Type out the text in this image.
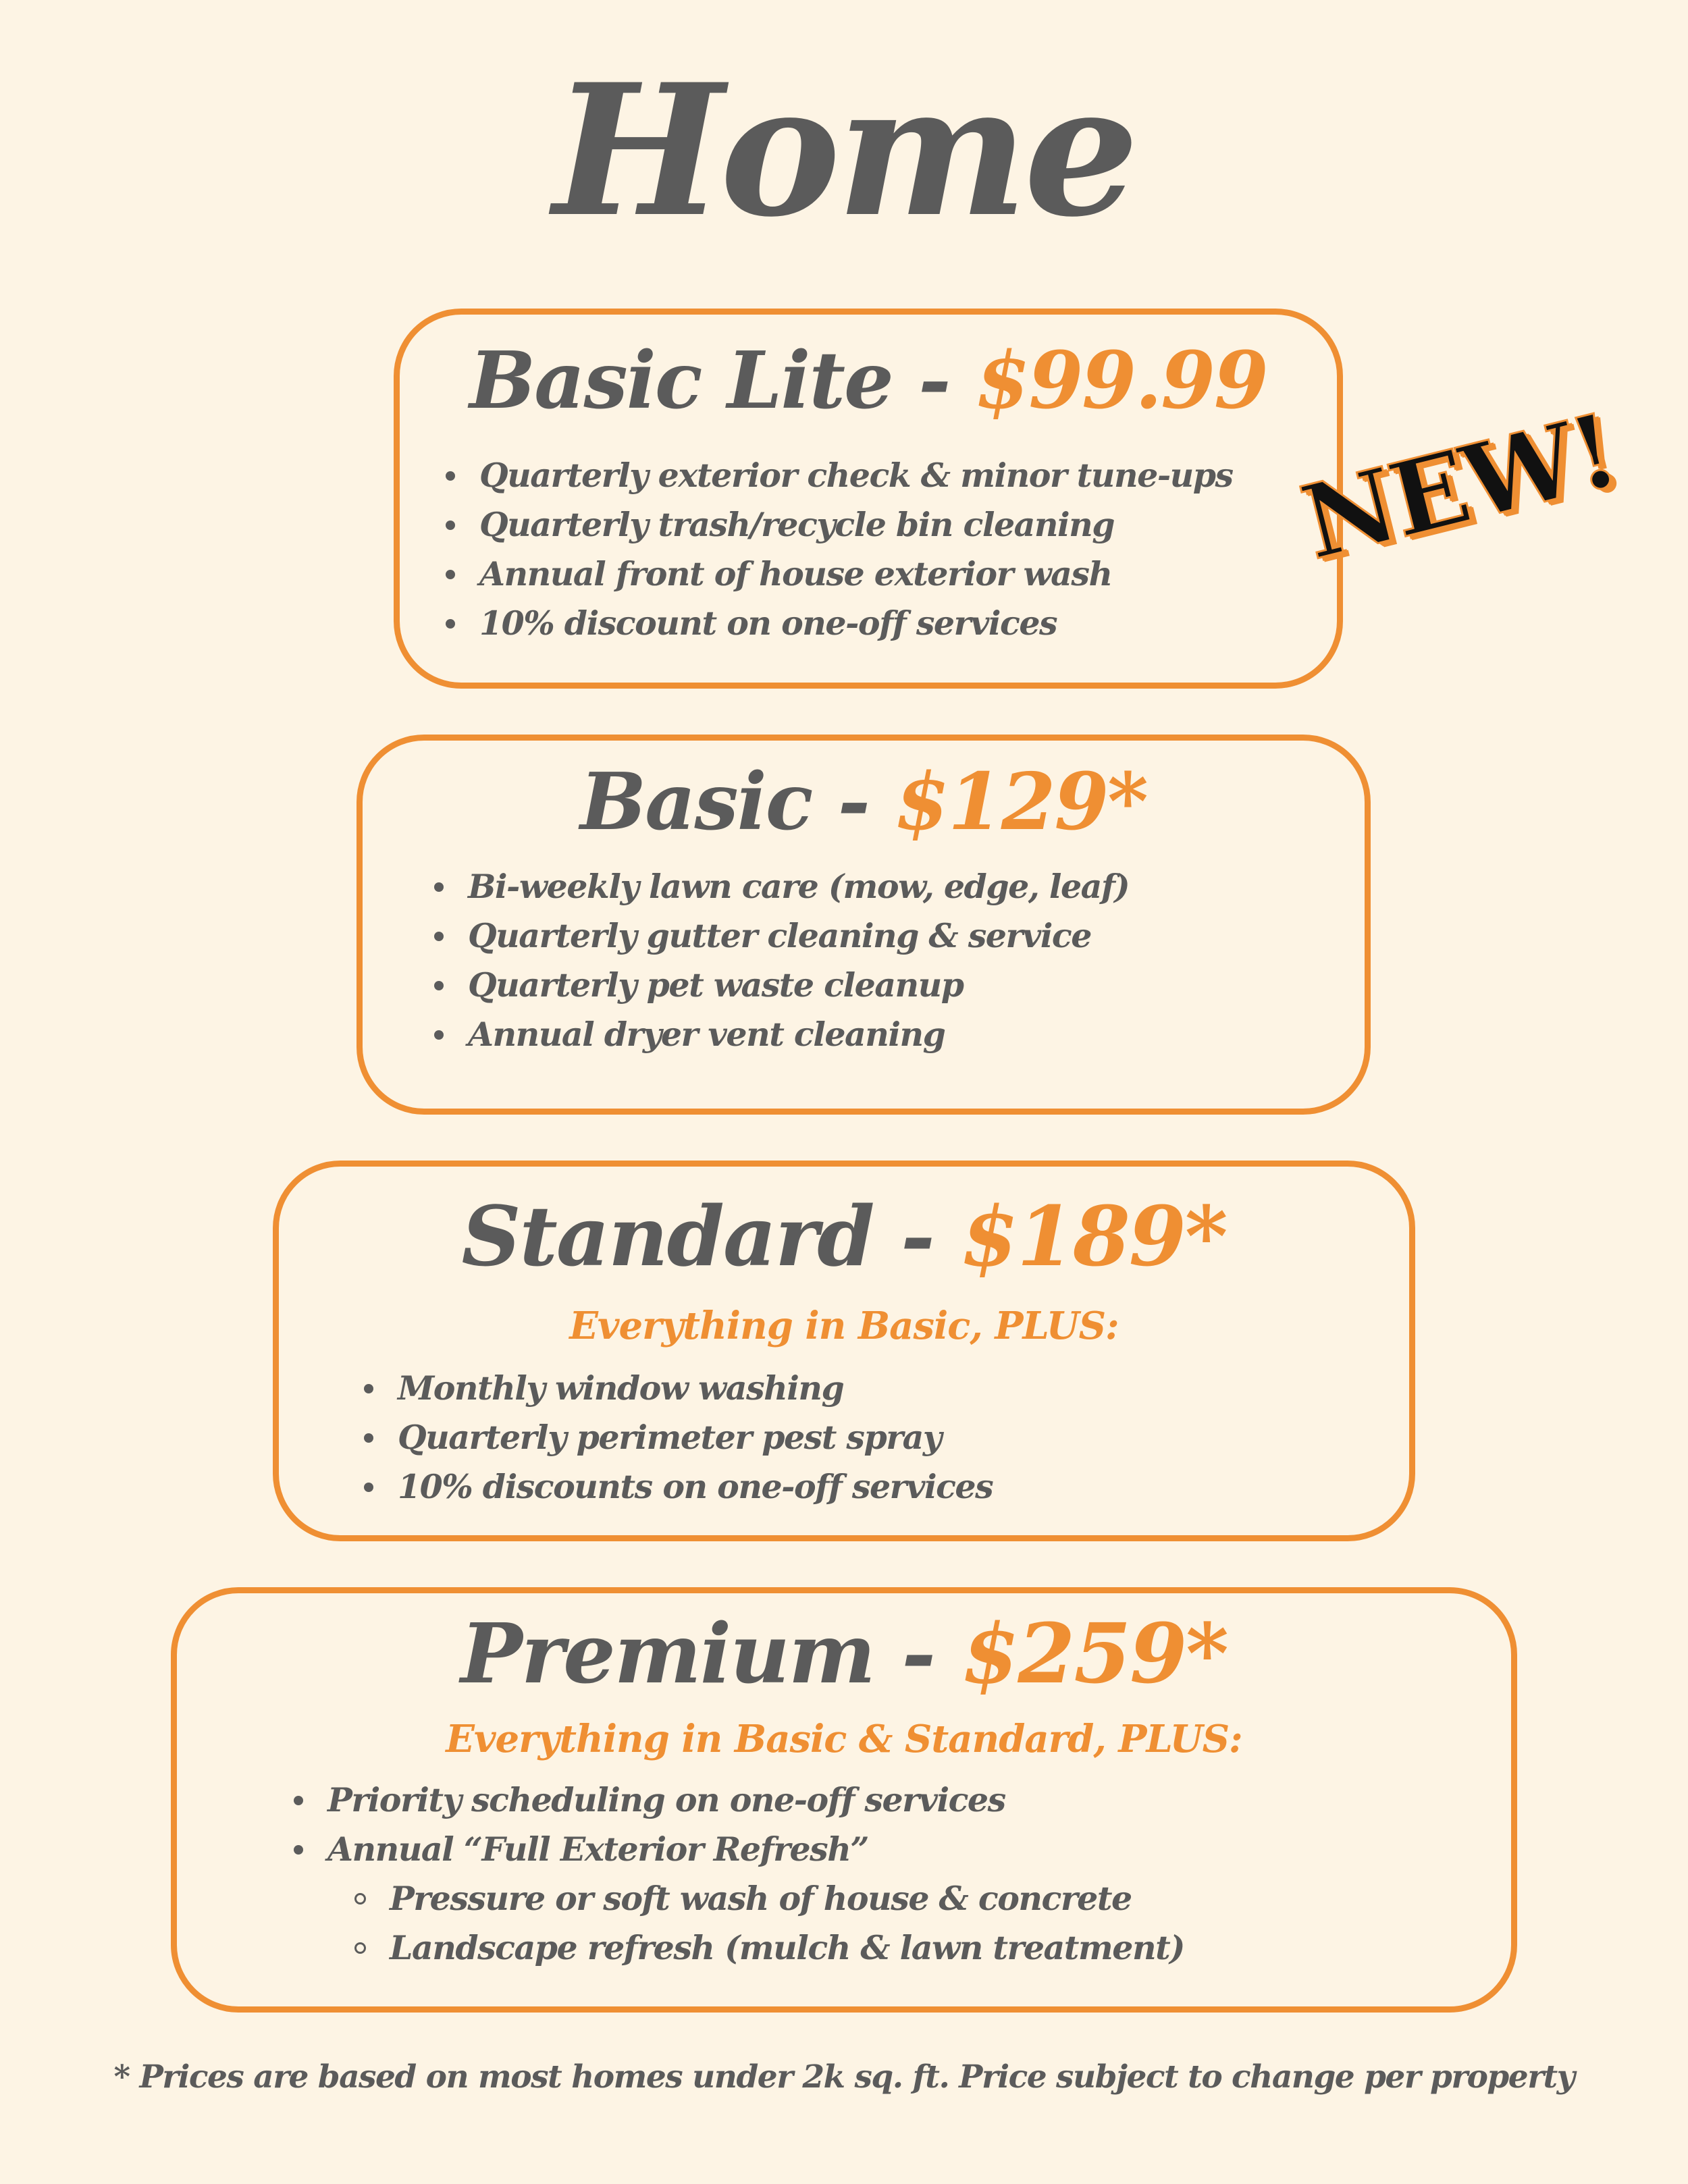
Home
Basic Lite - $99.99
Quarterly exterior check & minor tune-ups
Quarterly trash/recycle bin cleaning
Annual front of house exterior wash
10% discount on one-off services
NEW!
Basic - $129*
Bi-weekly lawn care (mow, edge, leaf)
Quarterly gutter cleaning & service
Quarterly pet waste cleanup
Annual dryer vent cleaning
Standard - $189*
Everything in Basic, PLUS:
Monthly window washing
Quarterly perimeter pest spray
10% discounts on one-off services
Premium - $259*
Everything in Basic & Standard, PLUS:
Priority scheduling on one-off services
Annual “Full Exterior Refresh”
Pressure or soft wash of house & concrete
Landscape refresh (mulch & lawn treatment)
* Prices are based on most homes under 2k sq. ft. Price subject to change per property
